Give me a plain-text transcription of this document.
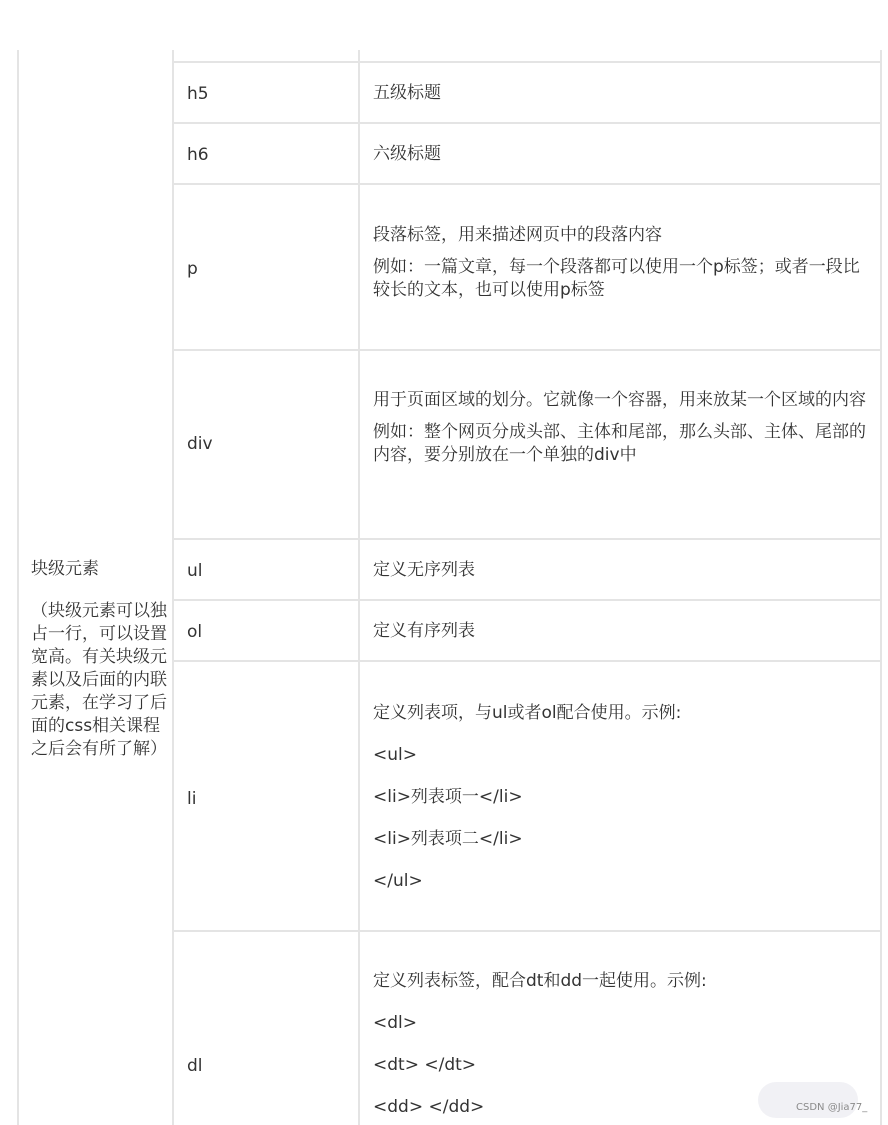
块级元素
（块级元素可以独占一行，可以设置宽高。有关块级元素以及后面的内联元素，在学习了后面的css相关课程之后会有所了解）
h5
h6
p
div
ul
ol
li
dl

五级标题

六级标题

段落标签，用来描述网页中的段落内容

例如：一篇文章，每一个段落都可以使用一个p标签；或者一段比较长的文本，也可以使用p标签

用于页面区域的划分。它就像一个容器，用来放某一个区域的内容

例如：整个网页分成头部、主体和尾部，那么头部、主体、尾部的内容，要分别放在一个单独的div中

定义无序列表

定义有序列表

定义列表项，与ul或者ol配合使用。示例:

<ul>

<li>列表项一</li>

<li>列表项二</li>

</ul>

定义列表标签，配合dt和dd一起使用。示例:

<dl>

<dt> </dt>

<dd> </dd>	CSDN @Jia77_
